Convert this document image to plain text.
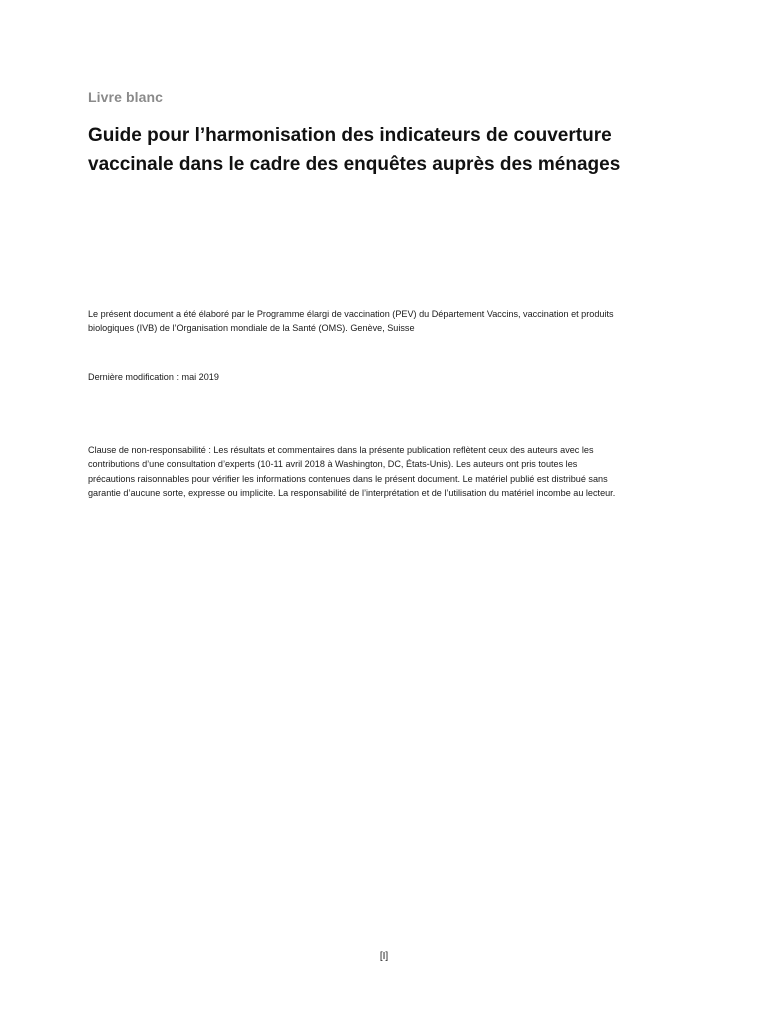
Livre blanc
Guide pour l’harmonisation des indicateurs de couverture
vaccinale dans le cadre des enquêtes auprès des ménages

Le présent document a été élaboré par le Programme élargi de vaccination (PEV) du Département Vaccins, vaccination et produits
biologiques (IVB) de l’Organisation mondiale de la Santé (OMS). Genève, Suisse

Dernière modification : mai 2019

Clause de non-responsabilité : Les résultats et commentaires dans la présente publication reflètent ceux des auteurs avec les
contributions d’une consultation d’experts (10-11 avril 2018 à Washington, DC, États-Unis). Les auteurs ont pris toutes les
précautions raisonnables pour vérifier les informations contenues dans le présent document. Le matériel publié est distribué sans
garantie d’aucune sorte, expresse ou implicite. La responsabilité de l’interprétation et de l’utilisation du matériel incombe au lecteur.

[I]
